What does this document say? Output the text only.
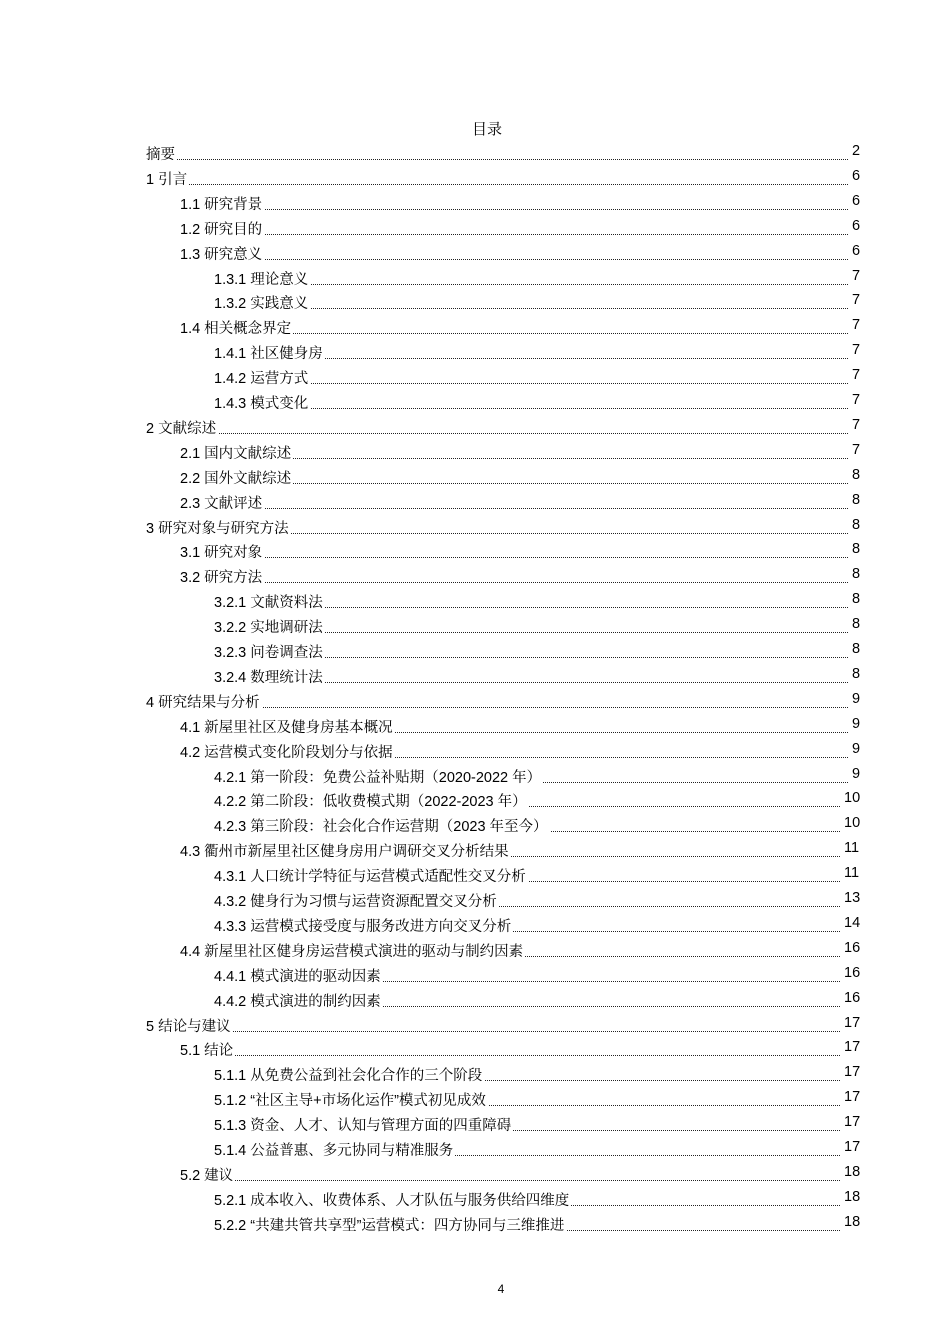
目录
摘要	2
1 引言	6
1.1 研究背景	6
1.2 研究目的	6
1.3 研究意义	6
1.3.1 理论意义	7
1.3.2 实践意义	7
1.4 相关概念界定	7
1.4.1 社区健身房	7
1.4.2 运营方式	7
1.4.3 模式变化	7
2 文献综述	7
2.1 国内文献综述	7
2.2 国外文献综述	8
2.3 文献评述	8
3 研究对象与研究方法	8
3.1 研究对象	8
3.2 研究方法	8
3.2.1 文献资料法	8
3.2.2 实地调研法	8
3.2.3 问卷调查法	8
3.2.4 数理统计法	8
4 研究结果与分析	9
4.1 新屋里社区及健身房基本概况	9
4.2 运营模式变化阶段划分与依据	9
4.2.1 第一阶段：免费公益补贴期（2020-2022 年）	9
4.2.2 第二阶段：低收费模式期（2022-2023 年）	10
4.2.3 第三阶段：社会化合作运营期（2023 年至今）	10
4.3 衢州市新屋里社区健身房用户调研交叉分析结果	11
4.3.1 人口统计学特征与运营模式适配性交叉分析	11
4.3.2 健身行为习惯与运营资源配置交叉分析	13
4.3.3 运营模式接受度与服务改进方向交叉分析	14
4.4 新屋里社区健身房运营模式演进的驱动与制约因素	16
4.4.1 模式演进的驱动因素	16
4.4.2 模式演进的制约因素	16
5 结论与建议	17
5.1 结论	17
5.1.1 从免费公益到社会化合作的三个阶段	17
5.1.2 “社区主导+市场化运作”模式初见成效	17
5.1.3 资金、人才、认知与管理方面的四重障碍	17
5.1.4 公益普惠、多元协同与精准服务	17
5.2 建议	18
5.2.1 成本收入、收费体系、人才队伍与服务供给四维度	18
5.2.2 “共建共管共享型”运营模式：四方协同与三维推进	18
4
